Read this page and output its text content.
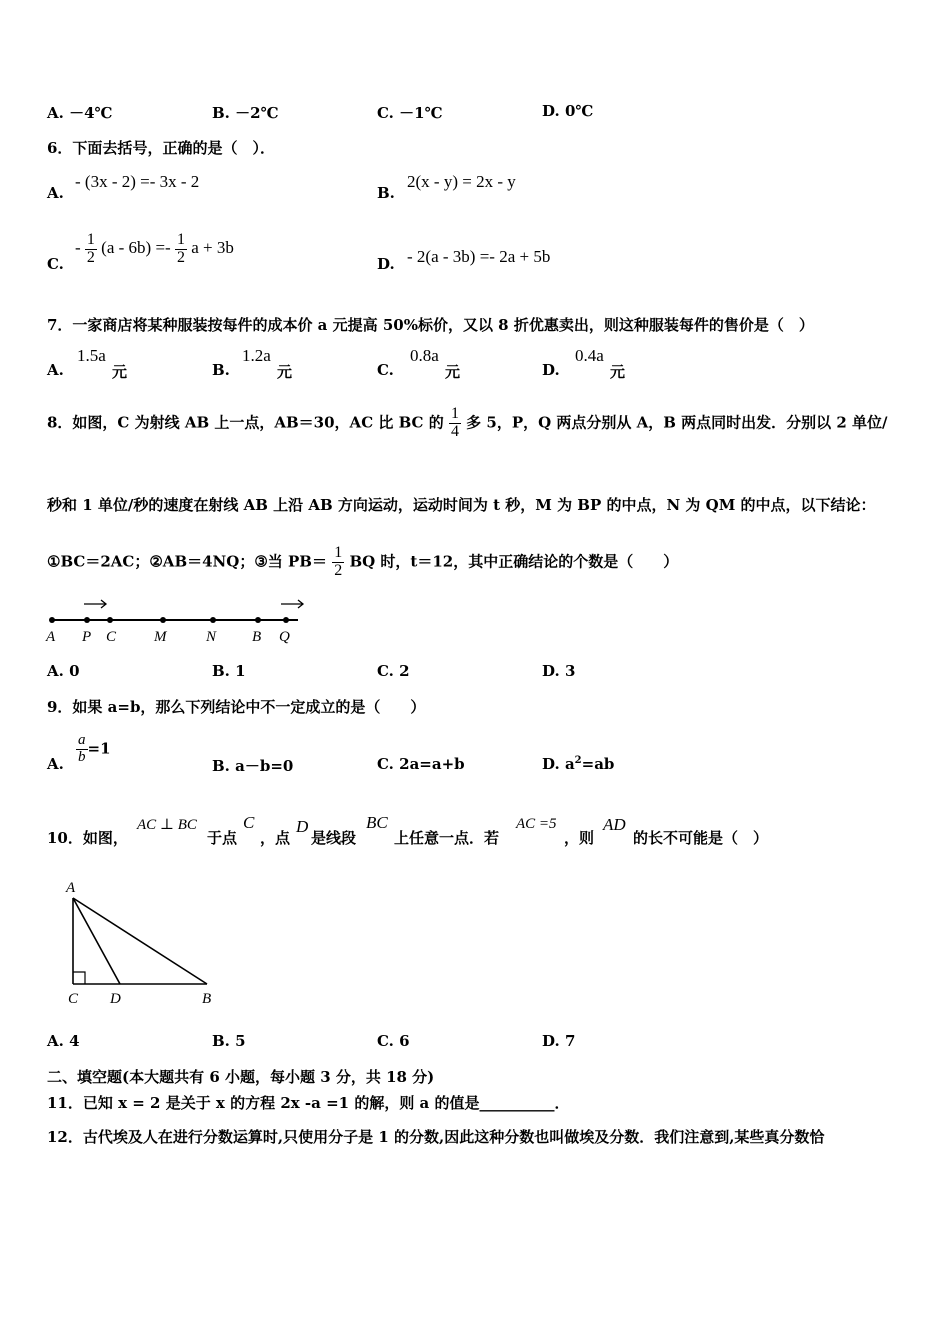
A. －4℃	B. －2℃	C. －1℃	D. 0℃
6．下面去括号，正确的是（　）．
A.
- (3x - 2) =- 3x - 2
B.
2(x - y) = 2x - y
C.
- $\frac{1}{2} (a - 6b) =- \frac{1}{2}$ a + 3b
D. - 2(a - 3b) =- 2a + 5b
7．一家商店将某种服装按每件的成本价 a 元提高 50%标价，又以 8 折优惠卖出，则这种服装每件的售价是（　）
A.
1.5a
元	B.
1.2a
元	C.
0.8a
元	D.
0.4a
元
8．如图，C 为射线 AB 上一点，AB＝30，AC 比 BC 的 $\frac{1}{4}$ 多 5，P，Q 两点分别从 A，B 两点同时出发．分别以 2 单位/
秒和 1 单位/秒的速度在射线 AB 上沿 AB 方向运动，运动时间为 t 秒，M 为 BP 的中点，N 为 QM 的中点，以下结论：
①BC＝2AC；②AB＝4NQ；③当 $PB= \frac{1}{2}$ BQ 时，t＝12，其中正确结论的个数是（　　）
A P C	M	N B Q
A. 0	B. 1	C. 2	D. 3
9．如果 a=b，那么下列结论中不一定成立的是（　　）
A. $\frac{a}{b} =1$
B. a－b=0	C. 2a=a+b	D. $a^2=ab$
10．如图，
AC ⊥ BC
于点
C
，点
D
是线段
BC
上任意一点．若
AC =5
，则
AD
的长不可能是（　）
A
C D	B
A. 4	B. 5	C. 6	D. 7
二、填空题(本大题共有 6 小题，每小题 3 分，共 18 分)
11．已知 x = 2 是关于 x 的方程 2x -a =1 的解，则 a 的值是__________．
12．古代埃及人在进行分数运算时,只使用分子是 1 的分数,因此这种分数也叫做埃及分数．我们注意到,某些真分数恰
